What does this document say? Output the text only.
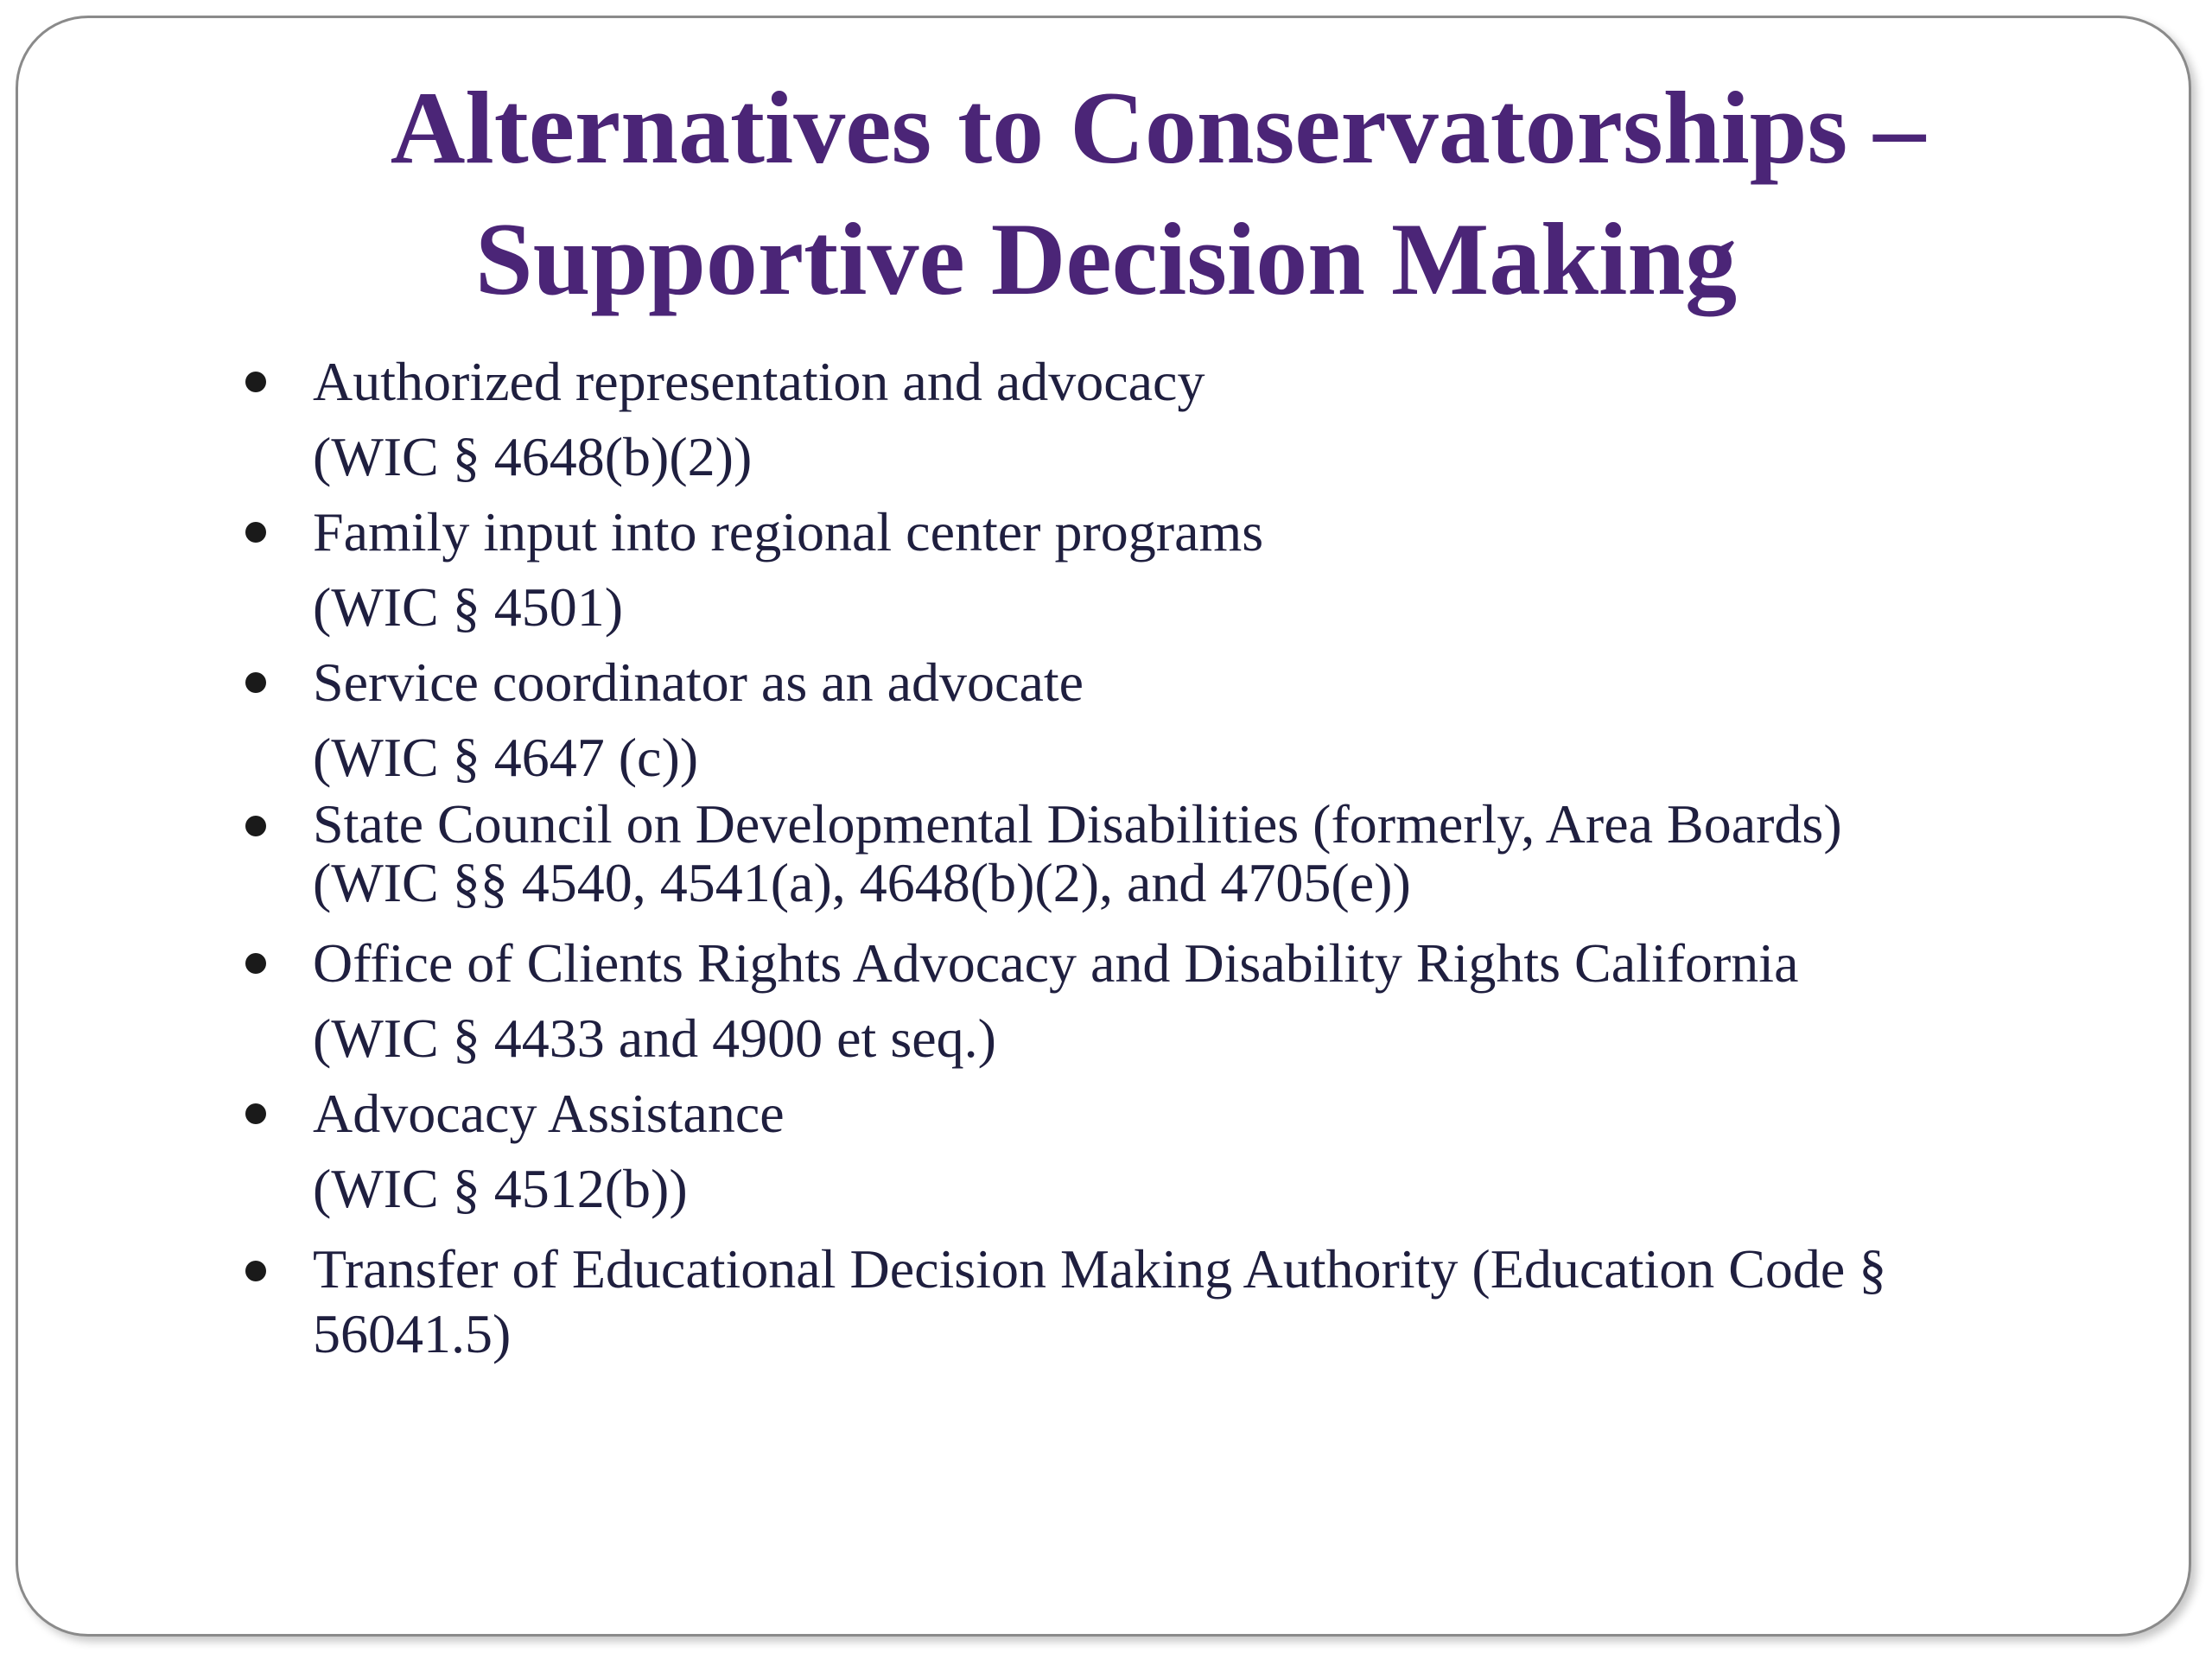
Alternatives to Conservatorships –
Supportive Decision Making
Authorized representation and advocacy
(WIC § 4648(b)(2))
Family input into regional center programs
(WIC § 4501)
Service coordinator as an advocate
(WIC § 4647 (c))
State Council on Developmental Disabilities (formerly, Area Boards)
(WIC §§ 4540, 4541(a), 4648(b)(2), and 4705(e))
Office of Clients Rights Advocacy and Disability Rights California
(WIC § 4433 and 4900 et seq.)
Advocacy Assistance
(WIC § 4512(b))
Transfer of Educational Decision Making Authority (Education Code §
56041.5)
